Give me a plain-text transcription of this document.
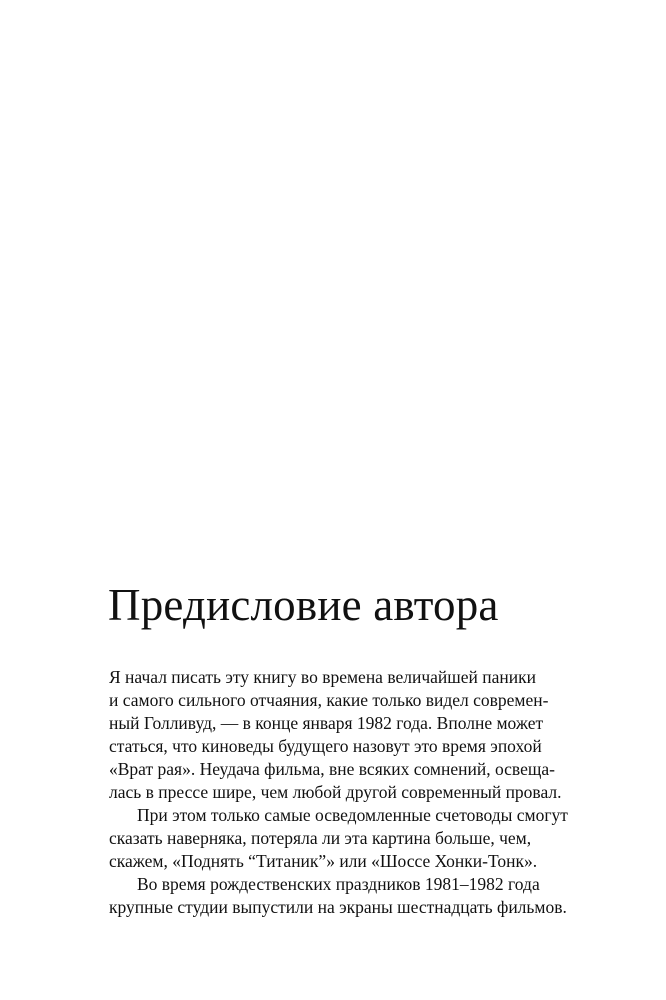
Предисловие автора
Я начал писать эту книгу во времена величайшей паники
и самого сильного отчаяния, какие только видел современ-
ный Голливуд, — в конце января 1982 года. Вполне может
статься, что киноведы будущего назовут это время эпохой
«Врат рая». Неудача фильма, вне всяких сомнений, освеща-
лась в прессе шире, чем любой другой современный провал.
При этом только самые осведомленные счетоводы смогут
сказать наверняка, потеряла ли эта картина больше, чем,
скажем, «Поднять “Титаник”» или «Шоссе Хонки-Тонк».
Во время рождественских праздников 1981–1982 года
крупные студии выпустили на экраны шестнадцать фильмов.
